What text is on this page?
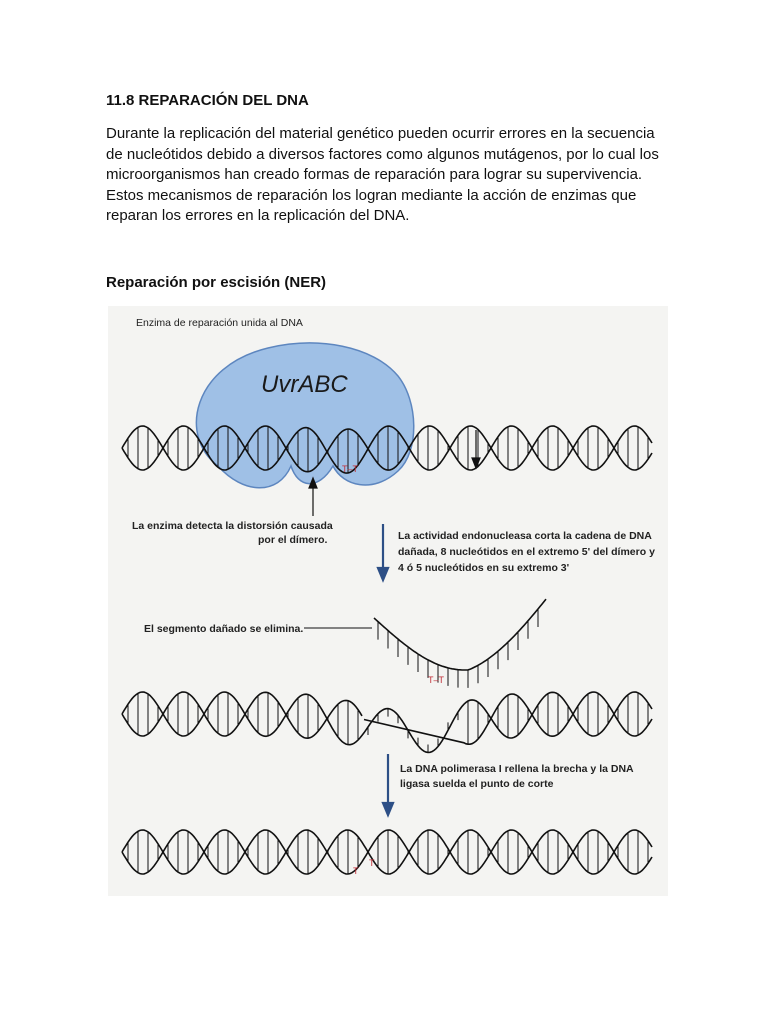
11.8 REPARACIÓN DEL DNA

Durante la replicación del material genético pueden ocurrir errores en la secuencia de nucleótidos debido a diversos factores como algunos mutágenos, por lo cual los microorganismos han creado formas de reparación para lograr su supervivencia. Estos mecanismos de reparación los logran mediante la acción de enzimas que reparan los errores en la replicación del DNA.

Reparación por escisión (NER)
UvrABC
Enzima de reparación unida al DNA
T–T
La enzima detecta la distorsión causada
por el dímero.	La actividad endonucleasa corta la cadena de DNA
dañada, 8 nucleótidos en el extremo 5' del dímero y
4 ó 5 nucleótidos en su extremo 3'
El segmento dañado se elimina.
T–T
La DNA polimerasa I rellena la brecha y la DNA
ligasa suelda el punto de corte
T
T
